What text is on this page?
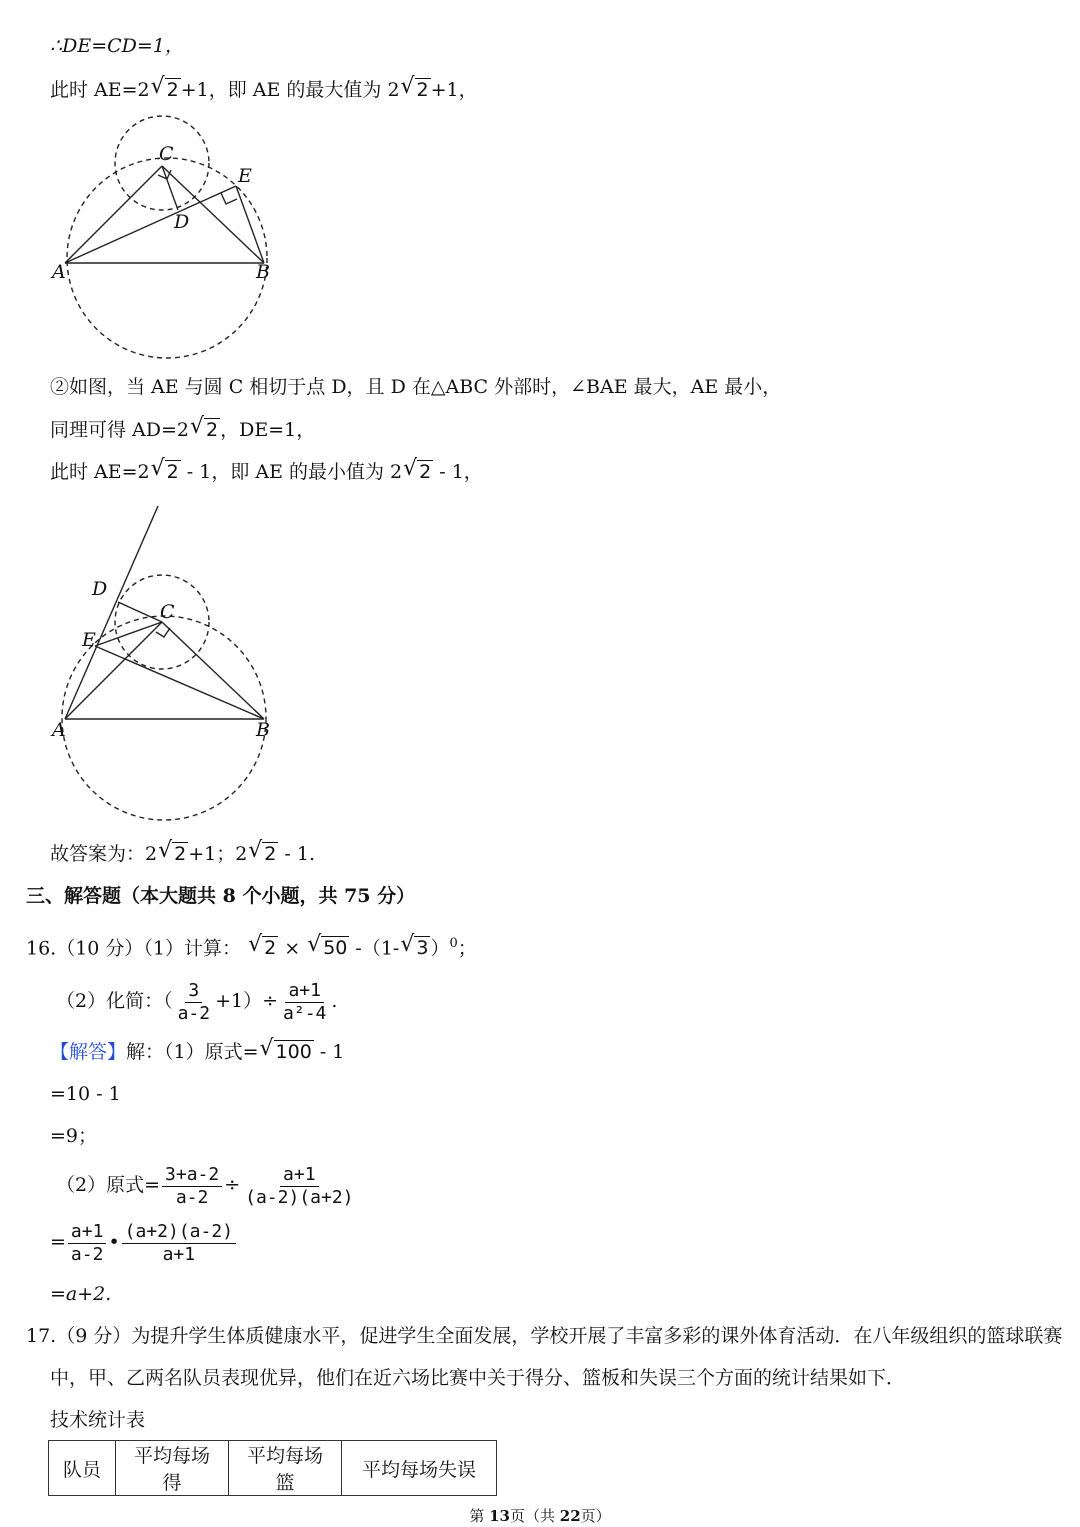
∴DE=CD=1，
此时 AE=2 √ 2 +1，即 AE 的最大值为 2 √ 2 +1，
C
E
D
A	B
②如图，当 AE 与圆 C 相切于点 D，且 D 在△ABC 外部时，∠BAE 最大，AE 最小，
同理可得 AD=2 √ 2 ，DE=1，
此时 AE=2 √ 2 - 1，即 AE 的最小值为 2 √ 2 - 1，
D
C
E
A	B
故答案为：2 √ 2 +1；2 √ 2 - 1.
三、解答题（本大题共 8 个小题，共 75 分）
16.（10 分）（1）计算： √ 2 × √ 50 -（1- √ 3 ）$^0$；
（2）化简：（ $\frac{3}{a-2} +1)\div \frac{a+1}{\text{a²-4}}$ .
【解答】解：（1）原式= √ 100 - 1
=10 - 1
=9；
（2）原式= $\frac{3+a-2}{a-2} \div \frac{a+1}{(a-2)(a+2)}$
= $\frac{a+1}{a-2}$ • $\frac{(a+2)(a-2)}{a+1}$
=a+2.
17.（9 分）为提升学生体质健康水平，促进学生全面发展，学校开展了丰富多彩的课外体育活动．在八年级组织的篮球联赛
中，甲、乙两名队员表现优异，他们在近六场比赛中关于得分、篮板和失误三个方面的统计结果如下．
技术统计表
队员	平均每场得	平均每场篮	平均每场失误
第 13页（共 22页）
